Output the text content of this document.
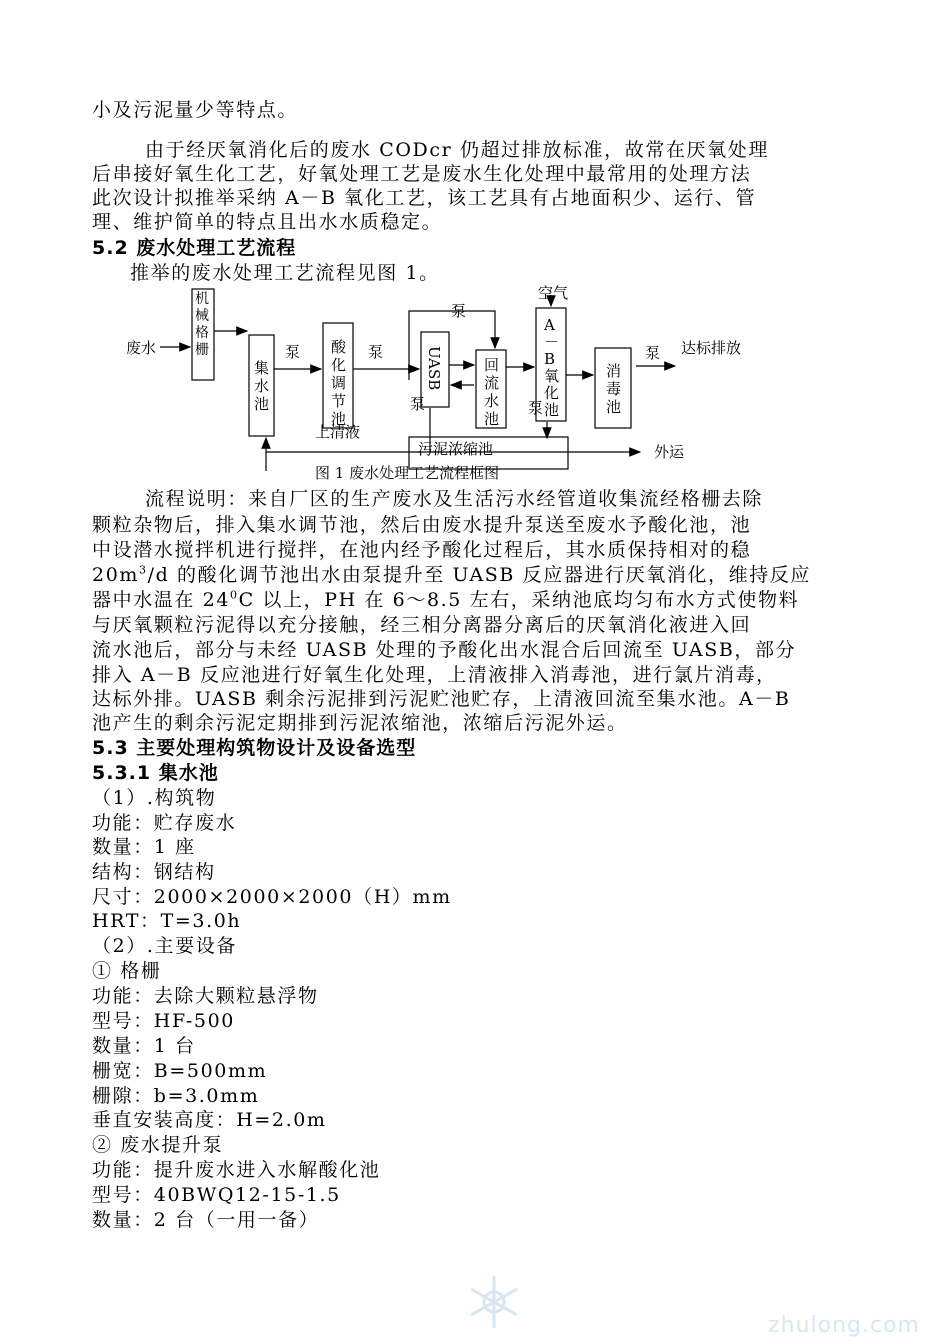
小及污泥量少等特点。
由于经厌氧消化后的废水 CODcr 仍超过排放标准，故常在厌氧处理
后串接好氧生化工艺，好氧处理工艺是废水生化处理中最常用的处理方法
此次设计拟推举采纳 A－B 氧化工艺，该工艺具有占地面积少、运行、管
理、维护简单的特点且出水水质稳定。
5.2 废水处理工艺流程
推举的废水处理工艺流程见图 1。
废水
机械格栅	泵	泵
泵
泵	泵
泵
空气
达标排放
上清液
污泥浓缩池	外运
图 1 废水处理工艺流程框图
集水池
酸化调节池
回流水池
A － B 氧化池
消毒池
UASB
流程说明：来自厂区的生产废水及生活污水经管道收集流经格栅去除
颗粒杂物后，排入集水调节池，然后由废水提升泵送至废水予酸化池，池
中设潜水搅拌机进行搅拌，在池内经予酸化过程后，其水质保持相对的稳
$20m^3/d$ 的酸化调节池出水由泵提升至 UASB 反应器进行厌氧消化，维持反应
器中水温在 $24^0C$ 以上，PH 在 6～8.5 左右，采纳池底均匀布水方式使物料
与厌氧颗粒污泥得以充分接触，经三相分离器分离后的厌氧消化液进入回
流水池后，部分与未经 UASB 处理的予酸化出水混合后回流至 UASB，部分
排入 A－B 反应池进行好氧生化处理，上清液排入消毒池，进行氯片消毒，
达标外排。UASB 剩余污泥排到污泥贮池贮存，上清液回流至集水池。A－B
池产生的剩余污泥定期排到污泥浓缩池，浓缩后污泥外运。
5.3 主要处理构筑物设计及设备选型
5.3.1 集水池
（1）.构筑物
功能：贮存废水
数量：1 座
结构：钢结构
尺寸：2000×2000×2000（H）mm
HRT：T=3.0h
（2）.主要设备
① 格栅
功能：去除大颗粒悬浮物
型号：HF-500
数量：1 台
栅宽：B=500mm
栅隙：b=3.0mm
垂直安装高度：H=2.0m
② 废水提升泵
功能：提升废水进入水解酸化池
型号：40BWQ12-15-1.5
数量：2 台（一用一备）
zhulong.com
